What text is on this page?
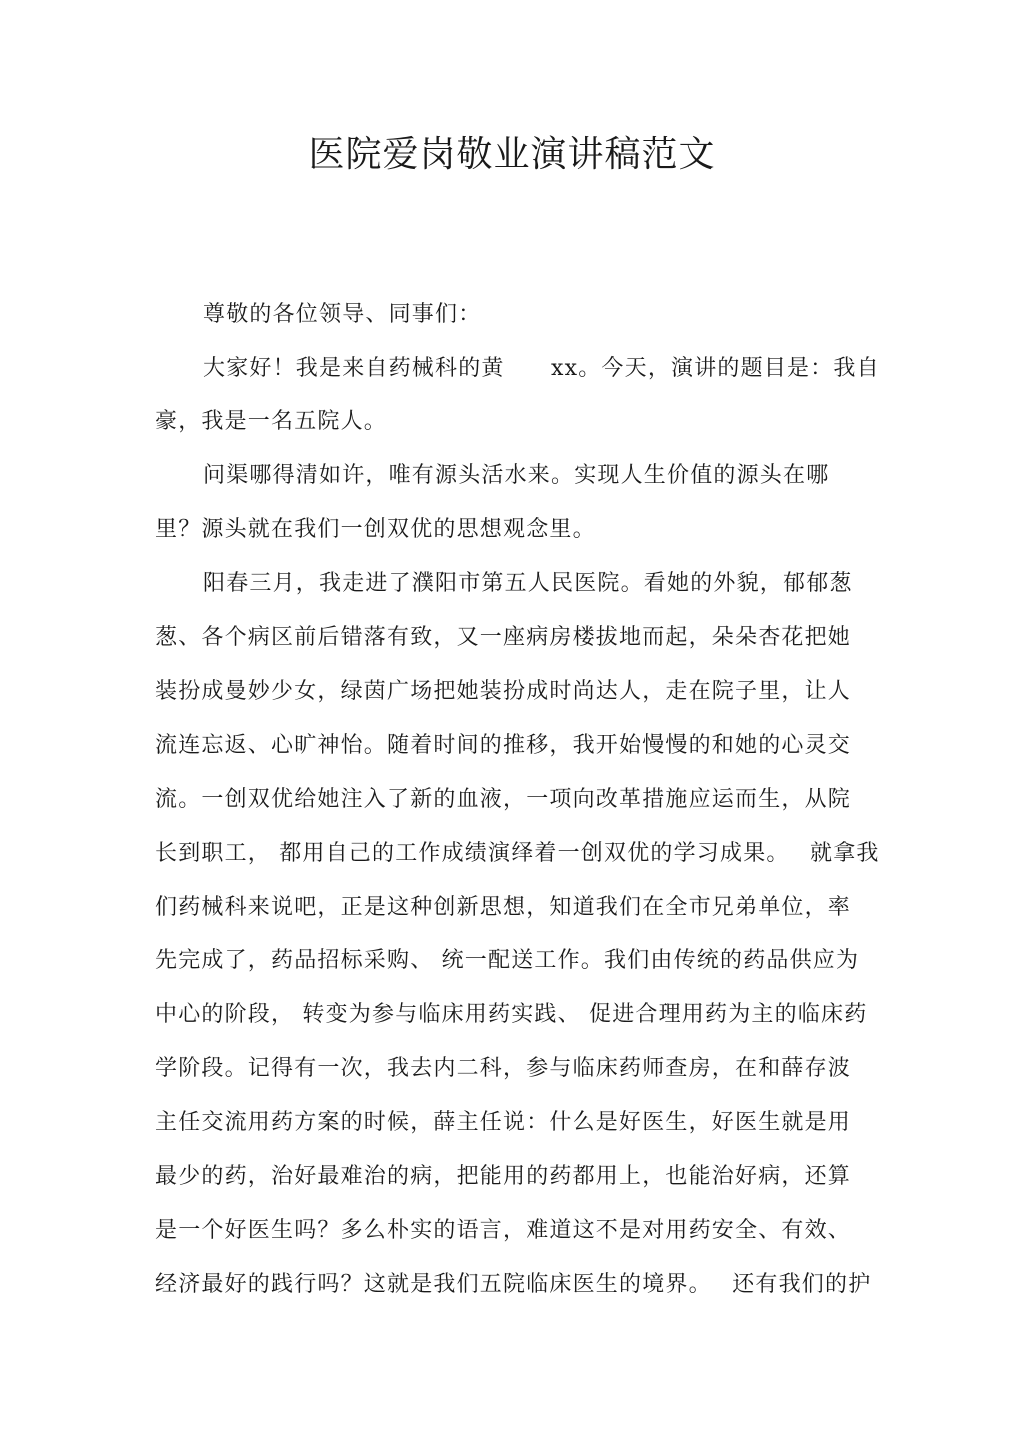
医院爱岗敬业演讲稿范文
尊敬的各位领导、同事们：
大家好！我是来自药械科的黄　　xx。今天，演讲的题目是：我自
豪，我是一名五院人。
问渠哪得清如许，唯有源头活水来。实现人生价值的源头在哪
里？源头就在我们一创双优的思想观念里。
阳春三月，我走进了濮阳市第五人民医院。看她的外貌，郁郁葱
葱、各个病区前后错落有致，又一座病房楼拔地而起，朵朵杏花把她
装扮成曼妙少女，绿茵广场把她装扮成时尚达人，走在院子里，让人
流连忘返、心旷神怡。随着时间的推移，我开始慢慢的和她的心灵交
流。一创双优给她注入了新的血液，一项向改革措施应运而生，从院
长到职工， 都用自己的工作成绩演绎着一创双优的学习成果。　 就拿我
们药械科来说吧，正是这种创新思想，知道我们在全市兄弟单位，率
先完成了，药品招标采购、 统一配送工作。我们由传统的药品供应为
中心的阶段， 转变为参与临床用药实践、 促进合理用药为主的临床药
学阶段。记得有一次，我去内二科，参与临床药师查房，在和薛存波
主任交流用药方案的时候，薛主任说：什么是好医生，好医生就是用
最少的药，治好最难治的病，把能用的药都用上，也能治好病，还算
是一个好医生吗？多么朴实的语言，难道这不是对用药安全、有效、
经济最好的践行吗？这就是我们五院临床医生的境界。　 还有我们的护
